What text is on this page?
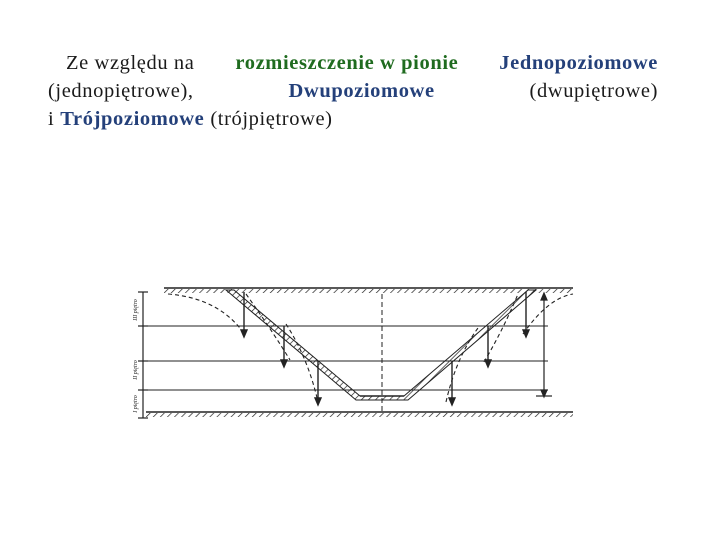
Ze względu na rozmieszczenie w pionie Jednopoziomowe
(jednopiętrowe),	Dwupoziomowe	(dwupiętrowe)
i Trójpoziomowe (trójpiętrowe)
I piętro
II piętro
III piętro
